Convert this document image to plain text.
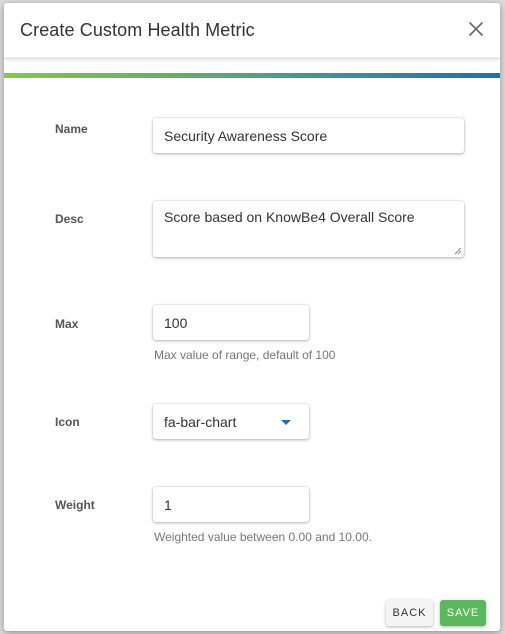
Create Custom Health Metric
Name
Security Awareness Score
Desc
Score based on KnowBe4 Overall Score
Max
100
Max value of range, default of 100
Icon	fa-bar-chart
Weight
1
Weighted value between 0.00 and 10.00.
BACK	SAVE
